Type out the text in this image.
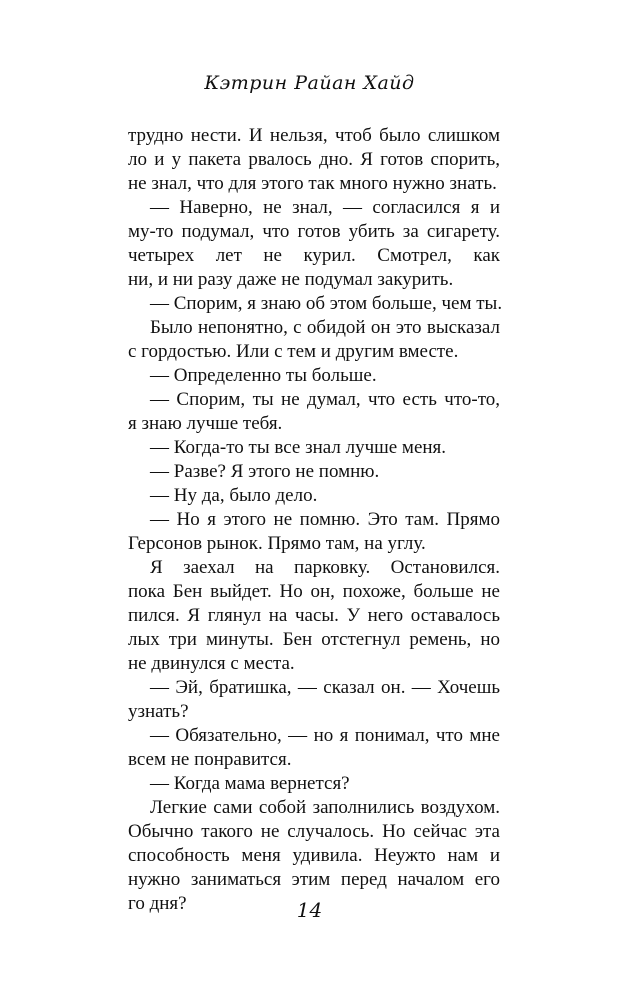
Кэтрин Райан Хайд
трудно нести. И нельзя, чтоб было слишком
ло и у пакета рвалось дно. Я готов спорить,
не знал, что для этого так много нужно знать.
— Наверно, не знал, — согласился я и
му-то подумал, что готов убить за сигарету.
четырех лет не курил. Смотрел, как
ни, и ни разу даже не подумал закурить.
— Спорим, я знаю об этом больше, чем ты.
Было непонятно, с обидой он это высказал
с гордостью. Или с тем и другим вместе.
— Определенно ты больше.
— Спорим, ты не думал, что есть что-то,
я знаю лучше тебя.
— Когда-то ты все знал лучше меня.
— Разве? Я этого не помню.
— Ну да, было дело.
— Но я этого не помню. Это там. Прямо
Герсонов рынок. Прямо там, на углу.
Я заехал на парковку. Остановился.
пока Бен выйдет. Но он, похоже, больше не
пился. Я глянул на часы. У него оставалось
лых три минуты. Бен отстегнул ремень, но
не двинулся с места.
— Эй, братишка, — сказал он. — Хочешь
узнать?
— Обязательно, — но я понимал, что мне
всем не понравится.
— Когда мама вернется?
Легкие сами собой заполнились воздухом.
Обычно такого не случалось. Но сейчас эта
способность меня удивила. Неужто нам и
нужно заниматься этим перед началом его
го дня?	14
